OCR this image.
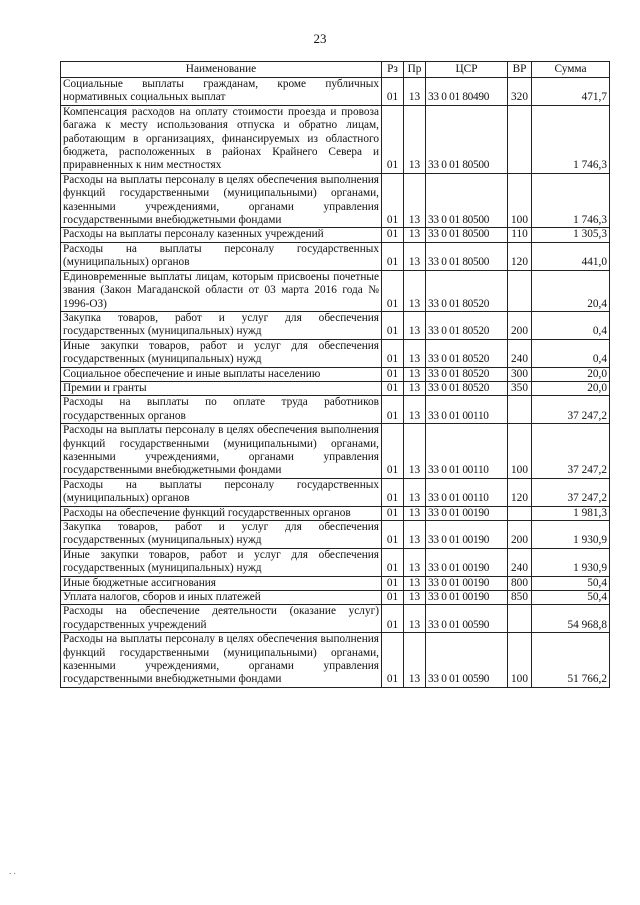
23
Наименование	Рз	Пр	ЦСР	ВР	Сумма
Социальные выплаты гражданам, кроме публичных нормативных социальных выплат	01	13	33 0 01 80490	320	471,7
Компенсация расходов на оплату стоимости проезда и провоза багажа к месту использования отпуска и обратно лицам, работающим в организациях, финансируемых из областного бюджета, расположенных в районах Крайнего Севера и приравненных к ним местностях	01	13	33 0 01 80500		1 746,3
Расходы на выплаты персоналу в целях обеспечения выполнения функций государственными (муниципальными) органами, казенными учреждениями, органами управления государственными внебюджетными фондами	01	13	33 0 01 80500	100	1 746,3
Расходы на выплаты персоналу казенных учреждений	01	13	33 0 01 80500	110	1 305,3
Расходы на выплаты персоналу государственных (муниципальных) органов	01	13	33 0 01 80500	120	441,0
Единовременные выплаты лицам, которым присвоены почетные звания (Закон Магаданской области от 03 марта 2016 года № 1996-ОЗ)	01	13	33 0 01 80520		20,4
Закупка товаров, работ и услуг для обеспечения государственных (муниципальных) нужд	01	13	33 0 01 80520	200	0,4
Иные закупки товаров, работ и услуг для обеспечения государственных (муниципальных) нужд	01	13	33 0 01 80520	240	0,4
Социальное обеспечение и иные выплаты населению	01	13	33 0 01 80520	300	20,0
Премии и гранты	01	13	33 0 01 80520	350	20,0
Расходы на выплаты по оплате труда работников государственных органов	01	13	33 0 01 00110		37 247,2
Расходы на выплаты персоналу в целях обеспечения выполнения функций государственными (муниципальными) органами, казенными учреждениями, органами управления государственными внебюджетными фондами	01	13	33 0 01 00110	100	37 247,2
Расходы на выплаты персоналу государственных (муниципальных) органов	01	13	33 0 01 00110	120	37 247,2
Расходы на обеспечение функций государственных органов	01	13	33 0 01 00190		1 981,3
Закупка товаров, работ и услуг для обеспечения государственных (муниципальных) нужд	01	13	33 0 01 00190	200	1 930,9
Иные закупки товаров, работ и услуг для обеспечения государственных (муниципальных) нужд	01	13	33 0 01 00190	240	1 930,9
Иные бюджетные ассигнования	01	13	33 0 01 00190	800	50,4
Уплата налогов, сборов и иных платежей	01	13	33 0 01 00190	850	50,4
Расходы на обеспечение деятельности (оказание услуг) государственных учреждений	01	13	33 0 01 00590		54 968,8
Расходы на выплаты персоналу в целях обеспечения выполнения функций государственными (муниципальными) органами, казенными учреждениями, органами управления государственными внебюджетными фондами	01	13	33 0 01 00590	100	51 766,2
. .
